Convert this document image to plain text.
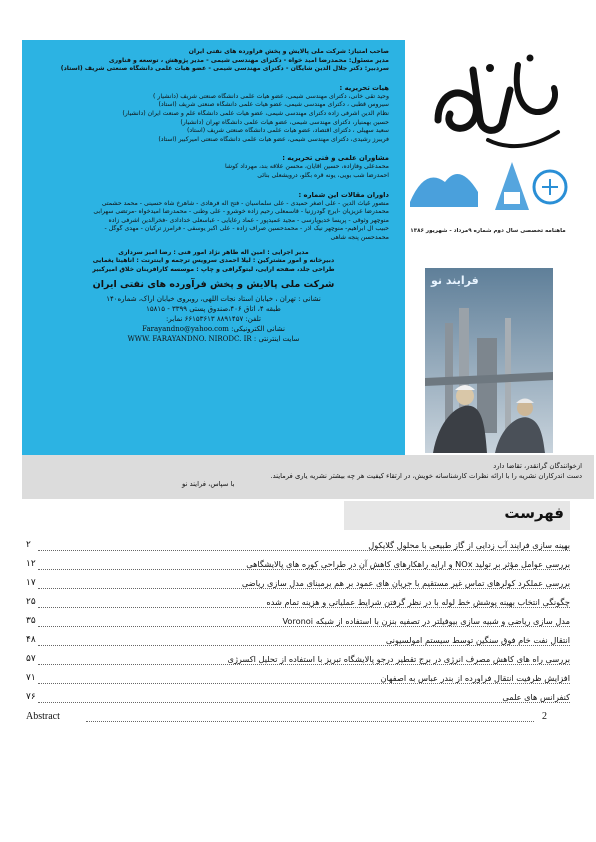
صاحب امتیاز: شرکت ملی پالایش و پخش فرآورده های نفتی ایران

مدیر مسئول: محمدرضا امید خواه - دکترای مهندسی شیمی - مدیر پژوهش ، توسعه و فناوری

سردبیر: دکتر جلال الدین شایگان - دکترای مهندسی شیمی - عضو هیات علمی دانشگاه صنعتی شریف (استاد)

هیات تحریریه :

وحید تقی خانی، دکترای مهندسی شیمی، عضو هیات علمی دانشگاه صنعتی شریف (دانشیار )

سیروس قطبی ، دکترای مهندسی شیمی، عضو هیات علمی دانشگاه صنعتی شریف (استاد)

نظام الدین اشرفی زاده دکترای مهندسی شیمی، عضو هیات علمی دانشگاه علم و صنعت ایران (دانشیار)

حسین بهمنیار، دکترای مهندسی شیمی، عضو هیات علمی دانشگاه تهران (دانشیار)

سعید سهیلی ، دکترای اقتصاد، عضو هیات علمی دانشگاه صنعتی شریف (استاد)

فریبرز رشیدی، دکترای مهندسی شیمی، عضو هیات علمی دانشگاه صنعتی امیرکبیر (استاد)

مشاوران علمی و فنی تحریریه :

محمدعلی وفازاده، حسین آقایان، محسن علاقه بند، مهرداد کوشا

احمدرضا شب بویی، یونه قره بگلو، درویشعلی بنائی

داوران مقالات این شماره :

منصور غیاث الدین - علی اصغر حمیدی - علی سلماسیان - فتح اله فرهادی - شاهرخ شاه حسینی - محمد حشمتی

محمدرضا عزیزیان -ایرج گودرزنیا - قاسمعلی رحیم زاده خوشرو - علی وطنی - محمدرضا امیدخواه -مرتضی سهرابی

منوچهر وثوقی - پریسا خدیوپارسی - مجید عمیدپور - عماد رعایایی - عباسعلی خدادادی -فخرالدین اشرفی زاده

حبیب آل ابراهیم- منوچهر نیک آذر - محمدحسین صراف زاده - علی اکبر یوسفی - فرامرز ترکیان - مهدی گوگل -

محمدحسن پنجه شاهی

مدیر اجرایی : امین اله طاهر نژاد امور فنی : رضا امیر سرداری

دبیرخانه و امور مشترکین : لیلا احمدی سرویس ترجمه و اینترنت : آناهیتا یغمایی

طراحی جلد، صفحه آرایی، لیتوگرافی و چاپ : موسسه کارافرینان خلاق امیرکبیر

شرکت ملی پالایش و پخش فرآورده های نفتی ایران

نشانی : تهران ، خیابان استاد نجات اللهی، روبروی خیابان اراک، شماره۱۴۰

طبقه ۴، اتاق ۴۰۶،صندوق پستی ۳۳۹۹ - ۱۵۸۱۵

تلفن: ۸۸۹۱۴۵۷ ۶۶۱۵۳۶۱۳ نمابر:

نشانی الکترونیکی: Farayandno@yahoo.com

سایت اینترنتی : WWW. FARAYANDNO. NIRODC. IR

ماهنامه تخصصی سال دوم شماره ۹مرداد - شهریور ۱۳۸۶
فرایند نو

ازخوانندگان گرانقدر، تقاضا دارد

دست اندرکاران نشریه را با ارائه نظرات کارشناسانه خویش، در ارتقاء کیفیت هر چه بیشتر نشریه یاری فرمایند.

با سپاس، فرایند نو
فهرست
بهینه سازی فرایند آب زدایی از گاز طبیعی با محلول گلایکول
۲
بررسی عوامل مؤثر بر تولید NOx و ارایه راهکارهای کاهش آن در طراحی کوره های پالایشگاهی
۱۲
بررسی عملکرد کولرهای تماس غیر مستقیم با جریان های عمود بر هم برمبنای مدل سازی ریاضی
۱۷
چگونگی انتخاب بهینه پوشش خط لوله با در نظر گرفتن شرایط عملیاتی و هزینه تمام شده
۲۵
مدل سازی ریاضی و شبیه سازی بیوفیلتر در تصفیه بنزن با استفاده از شبکه Voronoi
۳۵
انتقال نفت خام فوق سنگین توسط سیستم امولسیونی
۴۸
بررسی راه های کاهش مصرف انرژی در برج تقطیر درجو پالایشگاه تبریز با استفاده از تحلیل اکسرژی
۵۷
افزایش ظرفیت انتقال فراورده از بندر عباس به اصفهان
۷۱
کنفرانس های علمی
۷۶
Abstract	2
